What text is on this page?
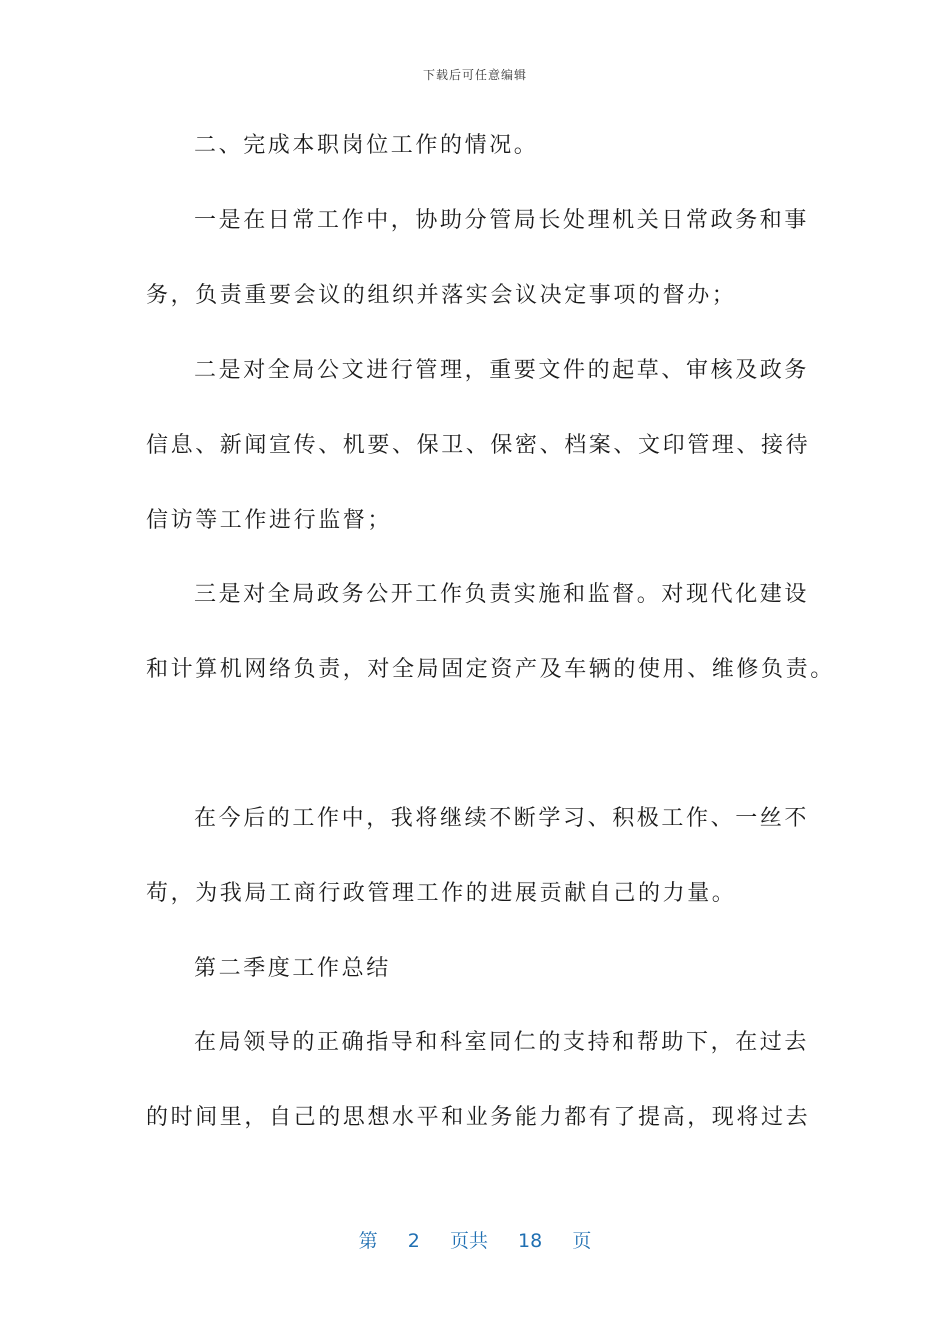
下载后可任意编辑
二、完成本职岗位工作的情况。
一是在日常工作中，协助分管局长处理机关日常政务和事
务，负责重要会议的组织并落实会议决定事项的督办；
二是对全局公文进行管理，重要文件的起草、审核及政务
信息、新闻宣传、机要、保卫、保密、档案、文印管理、接待
信访等工作进行监督；
三是对全局政务公开工作负责实施和监督。对现代化建设
和计算机网络负责，对全局固定资产及车辆的使用、维修负责。
在今后的工作中，我将继续不断学习、积极工作、一丝不
苟，为我局工商行政管理工作的进展贡献自己的力量。
第二季度工作总结
在局领导的正确指导和科室同仁的支持和帮助下，在过去
的时间里，自己的思想水平和业务能力都有了提高，现将过去
第 2 页共 18 页
